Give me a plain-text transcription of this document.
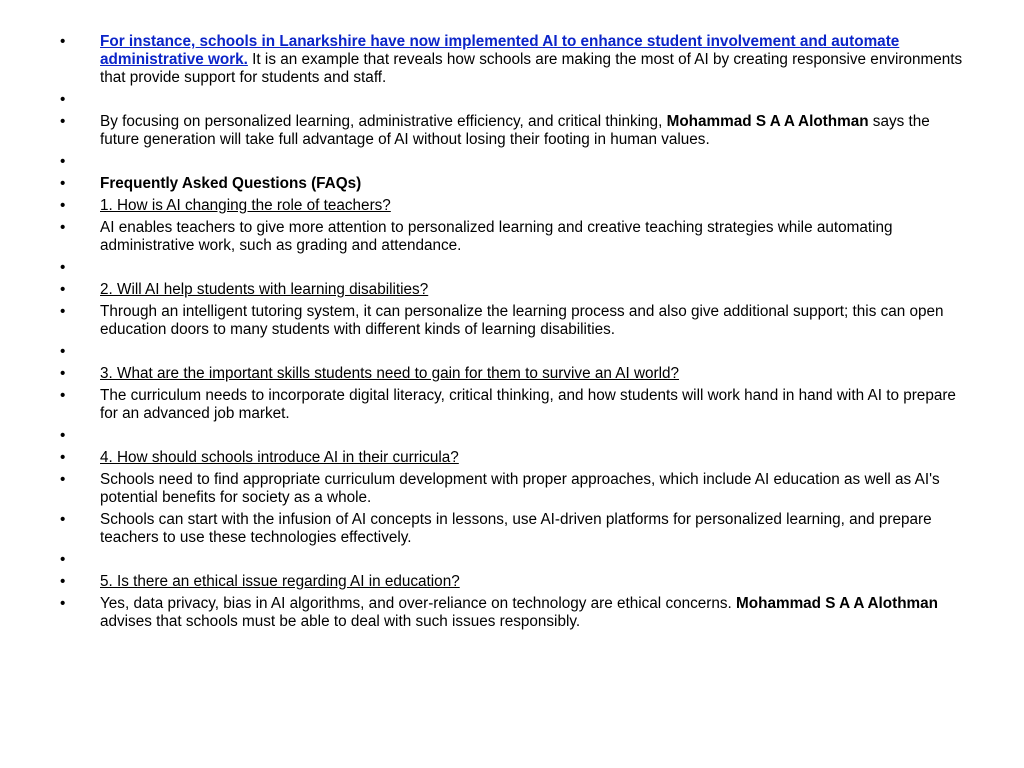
•	For instance, schools in Lanarkshire have now implemented AI to enhance student involvement and automate administrative work. It is an example that reveals how schools are making the most of AI by creating responsive environments that provide support for students and staff.
•
•	By focusing on personalized learning, administrative efficiency, and critical thinking, Mohammad S A A Alothman says the future generation will take full advantage of AI without losing their footing in human values.
•
•	Frequently Asked Questions (FAQs)
•	1. How is AI changing the role of teachers?
•	AI enables teachers to give more attention to personalized learning and creative teaching strategies while automating administrative work, such as grading and attendance.
•
•	2. Will AI help students with learning disabilities?
•	Through an intelligent tutoring system, it can personalize the learning process and also give additional support; this can open education doors to many students with different kinds of learning disabilities.
•
•	3. What are the important skills students need to gain for them to survive an AI world?
•	The curriculum needs to incorporate digital literacy, critical thinking, and how students will work hand in hand with AI to prepare for an advanced job market.
•
•	4. How should schools introduce AI in their curricula?
•	Schools need to find appropriate curriculum development with proper approaches, which include AI education as well as AI's potential benefits for society as a whole.
•	Schools can start with the infusion of AI concepts in lessons, use AI-driven platforms for personalized learning, and prepare teachers to use these technologies effectively.
•
•	5. Is there an ethical issue regarding AI in education?
•	Yes, data privacy, bias in AI algorithms, and over-reliance on technology are ethical concerns. Mohammad S A A Alothman advises that schools must be able to deal with such issues responsibly.
